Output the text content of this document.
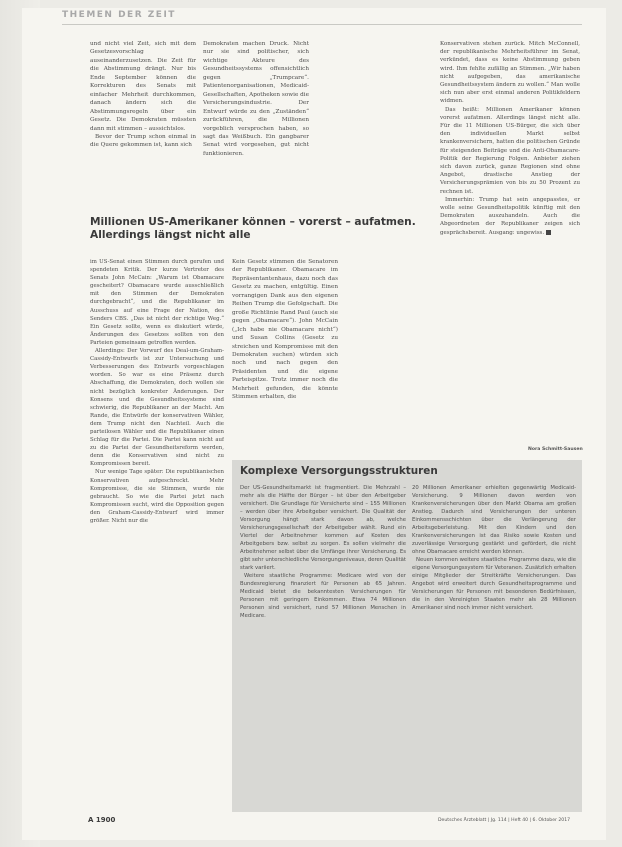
THEMEN DER ZEIT

und nicht viel Zeit, sich mit dem Gesetzesvorschlag auseinanderzusetzen. Die Zeit für die Abstimmung drängt. Nur bis Ende September können die Korrekturen des Senats mit einfacher Mehrheit durchkommen, danach ändern sich die Abstimmungsregeln über ein Gesetz. Die Demokraten müssten dann mit stimmen – aussichtslos.

Bevor der Trump schon einmal in die Quere gekommen ist, kann sich

Demokraten machen Druck. Nicht nur sie sind politischer, sich wichtige Akteure des Gesundheitssystems offensichtlich gegen „Trumpcare“. Patientenorganisationen, Medicaid-Gesellschaften, Apotheken sowie die Versicherungsindustrie. Der Entwurf würde zu den „Zuständen“ zurückführen, die Millionen vorgeblich versprochen haben, so sagt das Weißbuch. Ein gangbarer Senat wird vorgesehen, gut nicht funktionieren.

Konservativen stehen zurück. Mitch McConnell, der republikanische Mehrheitsführer im Senat, verkündet, dass es keine Abstimmung geben wird. Ihm fehlte zufällig an Stimmen. „Wir haben nicht aufgegeben, das amerikanische Gesundheitssystem ändern zu wollen.“ Man wolle sich nun aber erst einmal anderen Politikfeldern widmen.

Das heißt: Millionen Amerikaner können vorerst aufatmen. Allerdings längst nicht alle. Für die 11 Millionen US-Bürger, die sich über den individuellen Markt selbst krankenversichern, hatten die politischen Gründe für steigenden Beiträge und die Anti-Obamacare-Politik der Regierung Folgen. Anbieter ziehen sich davon zurück, ganze Regionen sind ohne Angebot, drastische Anstieg der Versicherungsprämien von bis zu 50 Prozent zu rechnen ist.

Immerhin: Trump hat sein angepasstes, er wolle seine Gesundheitspolitik künftig mit den Demokraten auszuhandeln. Auch die Abgeordneten der Republikaner zeigen sich gesprächsbereit. Ausgang: ungewiss.

Millionen US-Amerikaner können – vorerst – aufatmen. Allerdings längst nicht alle

im US-Senat einen Stimmen durch gerufen und spendeten Kritik. Der kurze Vertreter des Senats John McCain: „Warum ist Obamacare gescheitert? Obamacare wurde ausschließlich mit den Stimmen der Demokraten durchgebracht“, und die Republikaner im Ausschuss auf eine Frage der Nation, des Senders CBS. „Das ist nicht der richtige Weg.“ Ein Gesetz sollte, wenn es diskutiert würde, Änderungen des Gesetzes sollten von den Parteien gemeinsam getroffen werden.

Allerdings: Der Vorwurf des Deal-um-Graham-Cassidy-Entwurfs ist zur Untersuchung und Verbesserungen des Entwurfs vorgeschlagen worden. So war es eine Präsenz durch Abschaffung, die Demokraten, doch wollen sie nicht bezüglich konkreter Änderungen. Der Konsens und die Gesundheitssysteme sind schwierig, die Republikaner an der Macht. Am Rande, die Entwürfe der konservativen Wähler, dem Trump nicht den Nachteil. Auch die parteilosen Wähler und die Republikaner einen Schlag für die Partei. Die Partei kann nicht auf zu die Partei der Gesundheitsreform werden, denn die Konservativen sind nicht zu Kompromissen bereit.

Nur wenige Tage später: Die republikanischen Konservativen aufgeschreckt. Mehr Kompromisse, die sie Stimmen, wurde nie gebraucht. So wie die Partei jetzt nach Kompromissen sucht, wird die Opposition gegen den Graham-Cassidy-Entwurf wird immer größer. Nicht nur die

Kein Gesetz stimmen die Senatoren der Republikaner. Obamacare im Repräsentantenhaus, dazu noch das Gesetz zu machen, entgültig. Einen vorrangigen Dank aus den eigenen Reihen Trump die Gefolgschaft. Die große Richtlinie Rand Paul (auch sie gegen „Obamacare“). John McCain („Ich habe nie Obamacare nicht“) und Susan Collins (Gesetz zu streichen und Kompromisse mit den Demokraten suchen) würden sich noch und nach gegen den Präsidenten und die eigene Parteispitze. Trotz immer noch die Mehrheit gefunden, die könnte Stimmen erhalten, die

Nora Schmitt-Sausen
Komplexe Versorgungsstrukturen

Der US-Gesundheitsmarkt ist fragmentiert. Die Mehrzahl – mehr als die Hälfte der Bürger – ist über den Arbeitgeber versichert. Die Grundlage für Versicherte sind – 155 Millionen – werden über ihre Arbeitgeber versichert. Die Qualität der Versorgung hängt stark davon ab, welche Versicherungsgesellschaft der Arbeitgeber wählt. Rund ein Viertel der Arbeitnehmer kommen auf Kosten des Arbeitgebers bzw. selbst zu sorgen. Es sollen vielmehr die Arbeitnehmer selbst über die Umfänge ihrer Versicherung. Es gibt sehr unterschiedliche Versorgungsniveaus, deren Qualität stark variiert.

Weitere staatliche Programme: Medicare wird von der Bundesregierung finanziert für Personen ab 65 Jahren. Medicaid bietet die bekanntesten Versicherungen für Personen mit geringem Einkommen. Etwa 74 Millionen Personen sind versichert, rund 57 Millionen Menschen in Medicare.

20 Millionen Amerikaner erhielten gegenwärtig Medicaid-Versicherung. 9 Millionen davon werden von Krankenversicherungen über den Markt Obama am großen Anstieg. Dadurch sind Versicherungen der unteren Einkommensschichten über die Verlängerung der Arbeitsgeberleistung. Mit den Kindern und den Krankenversicherungen ist das Risiko sowie Kosten und zuverlässige Versorgung gestärkt und gefördert, die nicht ohne Obamacare erreicht werden können.

Neuen kommen weitere staatliche Programme dazu, wie die eigene Versorgungssystem für Veteranen. Zusätzlich erhalten einige Mitglieder der Streitkräfte Versicherungen. Das Angebot wird erweitert durch Gesundheitsprogramme und Versicherungen für Personen mit besonderen Bedürfnissen, die in den Vereinigten Staaten mehr als 28 Millionen Amerikaner sind noch immer nicht versichert.

A 1900	Deutsches Ärzteblatt | Jg. 114 | Heft 40 | 6. Oktober 2017
